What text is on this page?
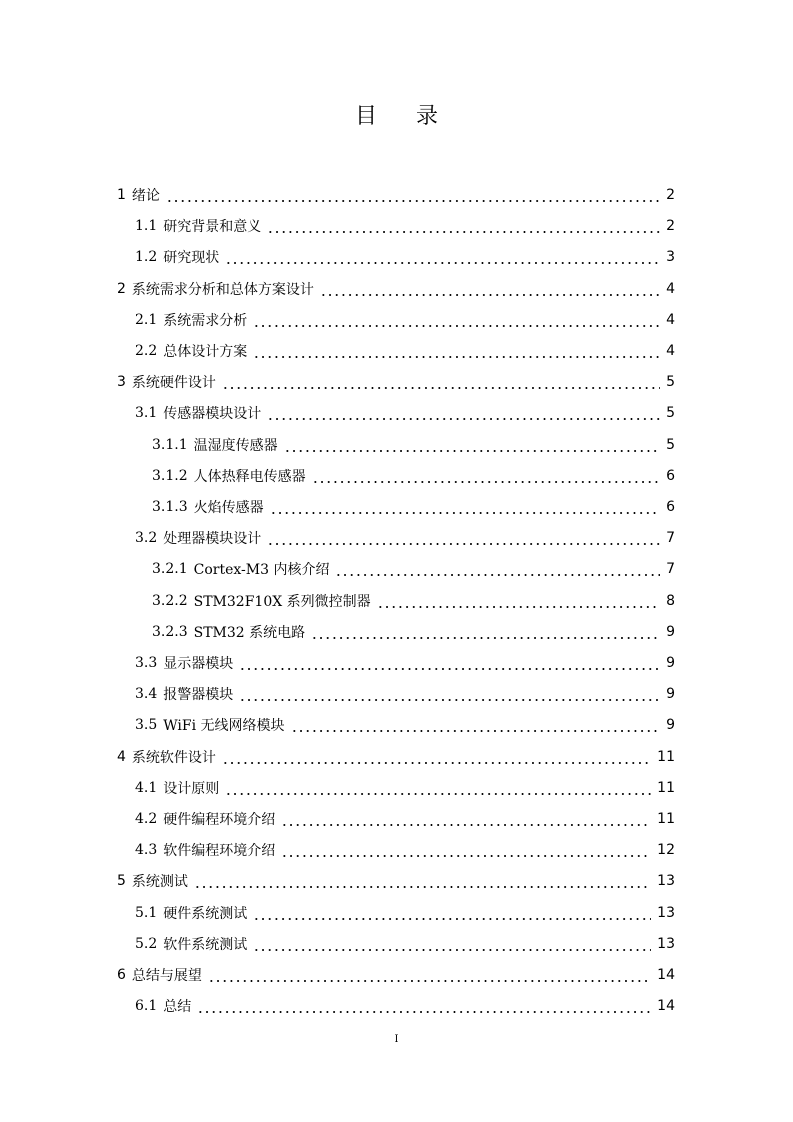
目 录
1 绪论	2
1.1 研究背景和意义	2
1.2 研究现状	3
2 系统需求分析和总体方案设计	4
2.1 系统需求分析	4
2.2 总体设计方案	4
3 系统硬件设计	5
3.1 传感器模块设计	5
3.1.1 温湿度传感器	5
3.1.2 人体热释电传感器	6
3.1.3 火焰传感器	6
3.2 处理器模块设计	7
3.2.1 Cortex-M3 内核介绍	7
3.2.2 STM32F10X 系列微控制器	8
3.2.3 STM32 系统电路	9
3.3 显示器模块	9
3.4 报警器模块	9
3.5 WiFi 无线网络模块	9
4 系统软件设计	11
4.1 设计原则	11
4.2 硬件编程环境介绍	11
4.3 软件编程环境介绍	12
5 系统测试	13
5.1 硬件系统测试	13
5.2 软件系统测试	13
6 总结与展望	14
6.1 总结	14
I
